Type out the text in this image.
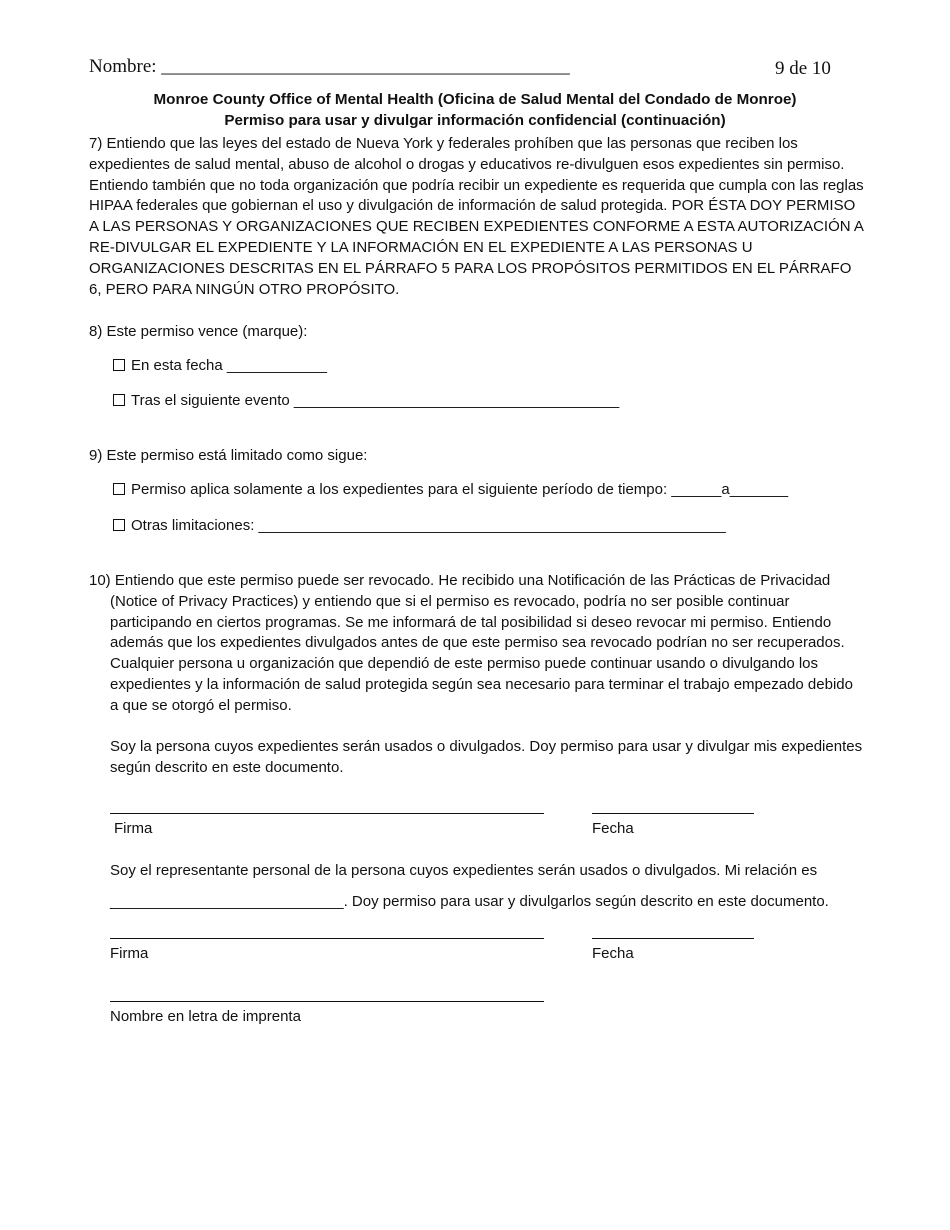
Nombre: ___________________________________________	9 de 10
Monroe County Office of Mental Health (Oficina de Salud Mental del Condado de Monroe)
Permiso para usar y divulgar información confidencial (continuación)
7) Entiendo que las leyes del estado de Nueva York y federales prohíben que las personas que reciben los expedientes de salud mental, abuso de alcohol o drogas y educativos re-divulguen esos expedientes sin permiso. Entiendo también que no toda organización que podría recibir un expediente es requerida que cumpla con las reglas HIPAA federales que gobiernan el uso y divulgación de información de salud protegida. POR ÉSTA DOY PERMISO A LAS PERSONAS Y ORGANIZACIONES QUE RECIBEN EXPEDIENTES CONFORME A ESTA AUTORIZACIÓN A RE-DIVULGAR EL EXPEDIENTE Y LA INFORMACIÓN EN EL EXPEDIENTE A LAS PERSONAS U ORGANIZACIONES DESCRITAS EN EL PÁRRAFO 5 PARA LOS PROPÓSITOS PERMITIDOS EN EL PÁRRAFO 6, PERO PARA NINGÚN OTRO PROPÓSITO.
8) Este permiso vence (marque):
En esta fecha ____________
Tras el siguiente evento _______________________________________
9) Este permiso está limitado como sigue:
Permiso aplica solamente a los expedientes para el siguiente período de tiempo: ______a_______
Otras limitaciones: ________________________________________________________
10) Entiendo que este permiso puede ser revocado. He recibido una Notificación de las Prácticas de Privacidad (Notice of Privacy Practices) y entiendo que si el permiso es revocado, podría no ser posible continuar participando en ciertos programas. Se me informará de tal posibilidad si deseo revocar mi permiso. Entiendo además que los expedientes divulgados antes de que este permiso sea revocado podrían no ser recuperados. Cualquier persona u organización que dependió de este permiso puede continuar usando o divulgando los expedientes y la información de salud protegida según sea necesario para terminar el trabajo empezado debido a que se otorgó el permiso.
Soy la persona cuyos expedientes serán usados o divulgados. Doy permiso para usar y divulgar mis expedientes según descrito en este documento.
Firma	Fecha
Soy el representante personal de la persona cuyos expedientes serán usados o divulgados. Mi relación es
____________________________. Doy permiso para usar y divulgarlos según descrito en este documento.
Firma	Fecha
Nombre en letra de imprenta
